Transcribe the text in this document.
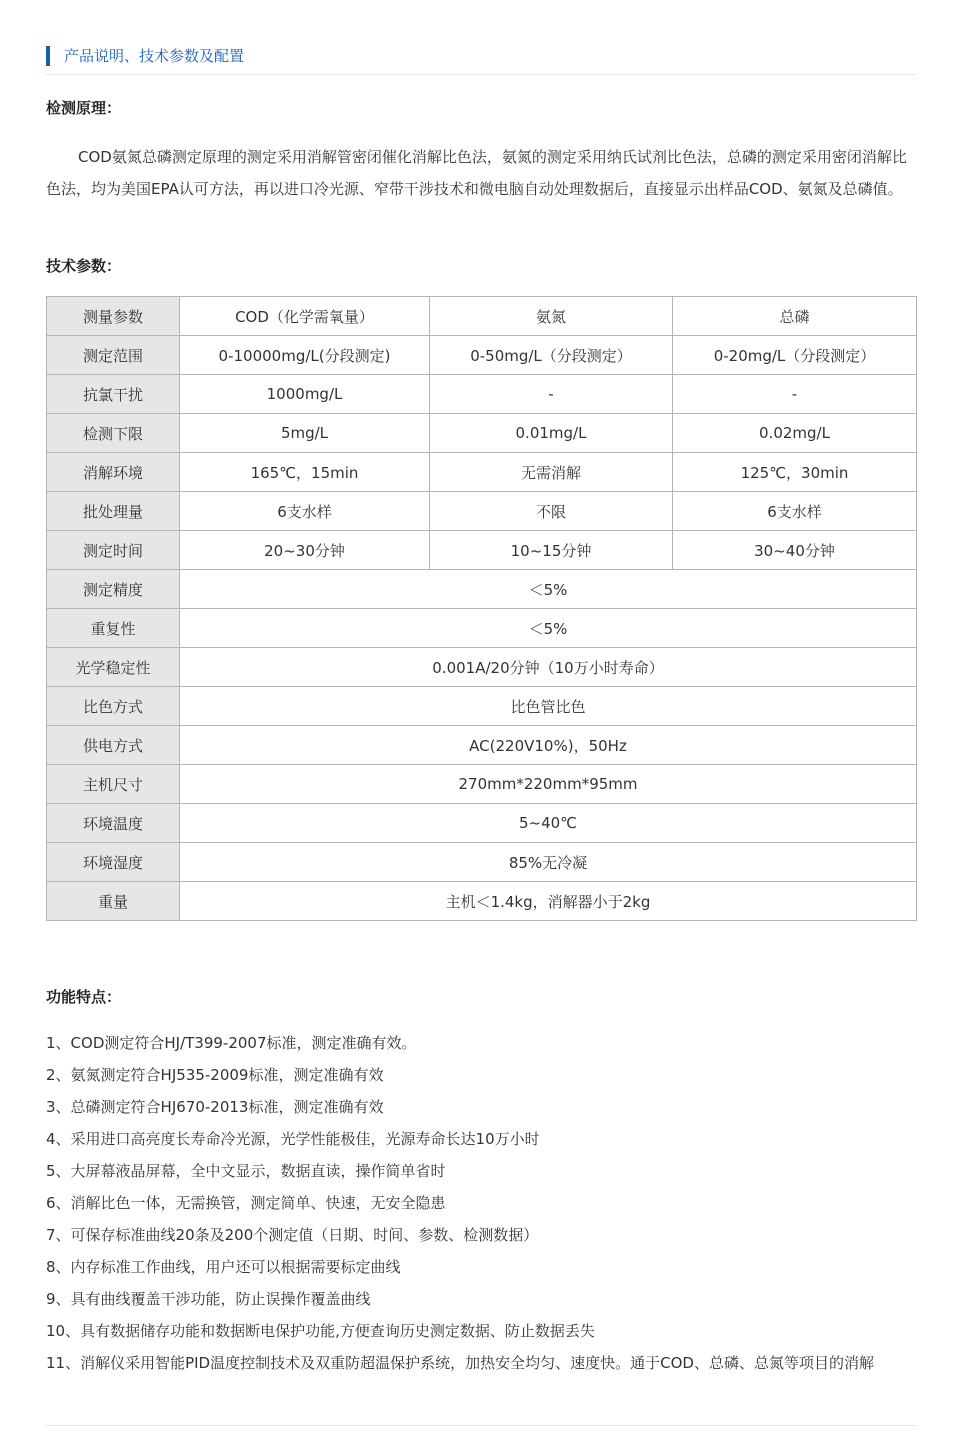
产品说明、技术参数及配置
检测原理：

COD氨氮总磷测定原理的测定采用消解管密闭催化消解比色法，氨氮的测定采用纳氏试剂比色法，总磷的测定采用密闭消解比色法，均为美国EPA认可方法，再以进口冷光源、窄带干涉技术和微电脑自动处理数据后，直接显示出样品COD、氨氮及总磷值。

技术参数：
测量参数	COD（化学需氧量）	氨氮	总磷
测定范围	0-10000mg/L(分段测定)	0-50mg/L（分段测定）	0-20mg/L（分段测定）
抗氯干扰	1000mg/L	-	-
检测下限	5mg/L	0.01mg/L	0.02mg/L
消解环境	165℃，15min	无需消解	125℃，30min
批处理量	6支水样	不限	6支水样
测定时间	20~30分钟	10~15分钟	30~40分钟
测定精度	＜5%		
重复性	＜5%		
光学稳定性	0.001A/20分钟（10万小时寿命）		
比色方式	比色管比色		
供电方式	AC(220V10%)，50Hz		
主机尺寸	270mm*220mm*95mm		
环境温度	5~40℃		
环境湿度	85%无冷凝		
重量	主机＜1.4kg，消解器小于2kg		
功能特点：
1、COD测定符合HJ/T399-2007标准，测定准确有效。
2、氨氮测定符合HJ535-2009标准，测定准确有效
3、总磷测定符合HJ670-2013标准，测定准确有效
4、采用进口高亮度长寿命冷光源，光学性能极佳，光源寿命长达10万小时
5、大屏幕液晶屏幕，全中文显示，数据直读，操作简单省时
6、消解比色一体，无需换管，测定简单、快速，无安全隐患
7、可保存标准曲线20条及200个测定值（日期、时间、参数、检测数据）
8、内存标准工作曲线，用户还可以根据需要标定曲线
9、具有曲线覆盖干涉功能，防止误操作覆盖曲线
10、具有数据储存功能和数据断电保护功能,方便查询历史测定数据、防止数据丢失
11、消解仪采用智能PID温度控制技术及双重防超温保护系统，加热安全均匀、速度快。通于COD、总磷、总氮等项目的消解
